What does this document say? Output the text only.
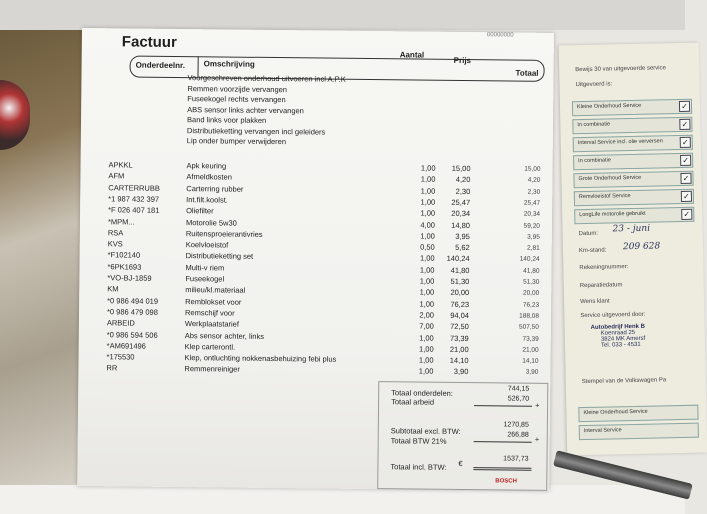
Factuur	00000000
Onderdeelnr. Omschrijving
Aantal
Prijs
Totaal
Voorgeschreven onderhoud uitvoeren incl A.P.K
Remmen voorzijde vervangen
Fuseekogel rechts vervangen
ABS sensor links achter vervangen
Band links voor plakken
Distributieketting vervangen incl geleiders
Lip onder bumper verwijderen
APKKL	Apk keuring	1,00	15,00	15,00
AFM	Afmeldkosten	1,00	4,20	4,20
CARTERRUBB	Carterring rubber	1,00	2,30	2,30
*1 987 432 397	Int.filt.koolst.	1,00	25,47	25,47
*F 026 407 181	Oliefilter	1,00	20,34	20,34
*MPM...	Motorolie 5w30	4,00	14,80	59,20
RSA	Ruitensproeierantivries	1,00	3,95	3,95
KVS	Koelvloeistof	0,50	5,62	2,81
*F102140	Distributieketting set	1,00	140,24	140,24
*6PK1693	Multi-v riem	1,00	41,80	41,80
*VO-BJ-1859	Fuseekogel	1,00	51,30	51,30
KM	milieu/kl.materiaal	1,00	20,00	20,00
*0 986 494 019	Remblokset voor	1,00	76,23	76,23
*0 986 479 098	Remschijf voor	2,00	94,04	188,08
ARBEID	Werkplaatstarief	7,00	72,50	507,50
*0 986 594 506	Abs sensor achter, links	1,00	73,39	73,39
*AM691496	Klep carterontl.	1,00	21,00	21,00
*175530	Klep, ontluchting nokkenasbehuizing febi plus	1,00	14,10	14,10
RR	Remmenreiniger	1,00	3,90	3,90
Totaal onderdelen:	744,15
Totaal arbeid	526,70
+
Subtotaal excl. BTW:
1270,85
Totaal BTW 21%
266,88 +
Totaal incl. BTW: €	1537,73
BOSCH
Bewijs 30 van uitgevoerde service
Uitgevoerd is:
Kleine Onderhoud Service	✓
In combinatie	✓
Interval Service incl. olie verversen ✓
In combinatie	✓
Grote Onderhoud Service	✓
Remvloeistof Service	✓
LongLife motorolie gebruikt	✓
Datum: 23 - juni
Km-stand: 209 628
Rekeningnummer:
Reparatiedatum
Wens klant
Service uitgevoerd door:
Autobedrijf Henk B
Koenraad 25
3824 MK Amersf
Tel. 033 - 4531
Stempel van de Volkswagen Pa
Kleine Onderhoud Service
Interval Service
